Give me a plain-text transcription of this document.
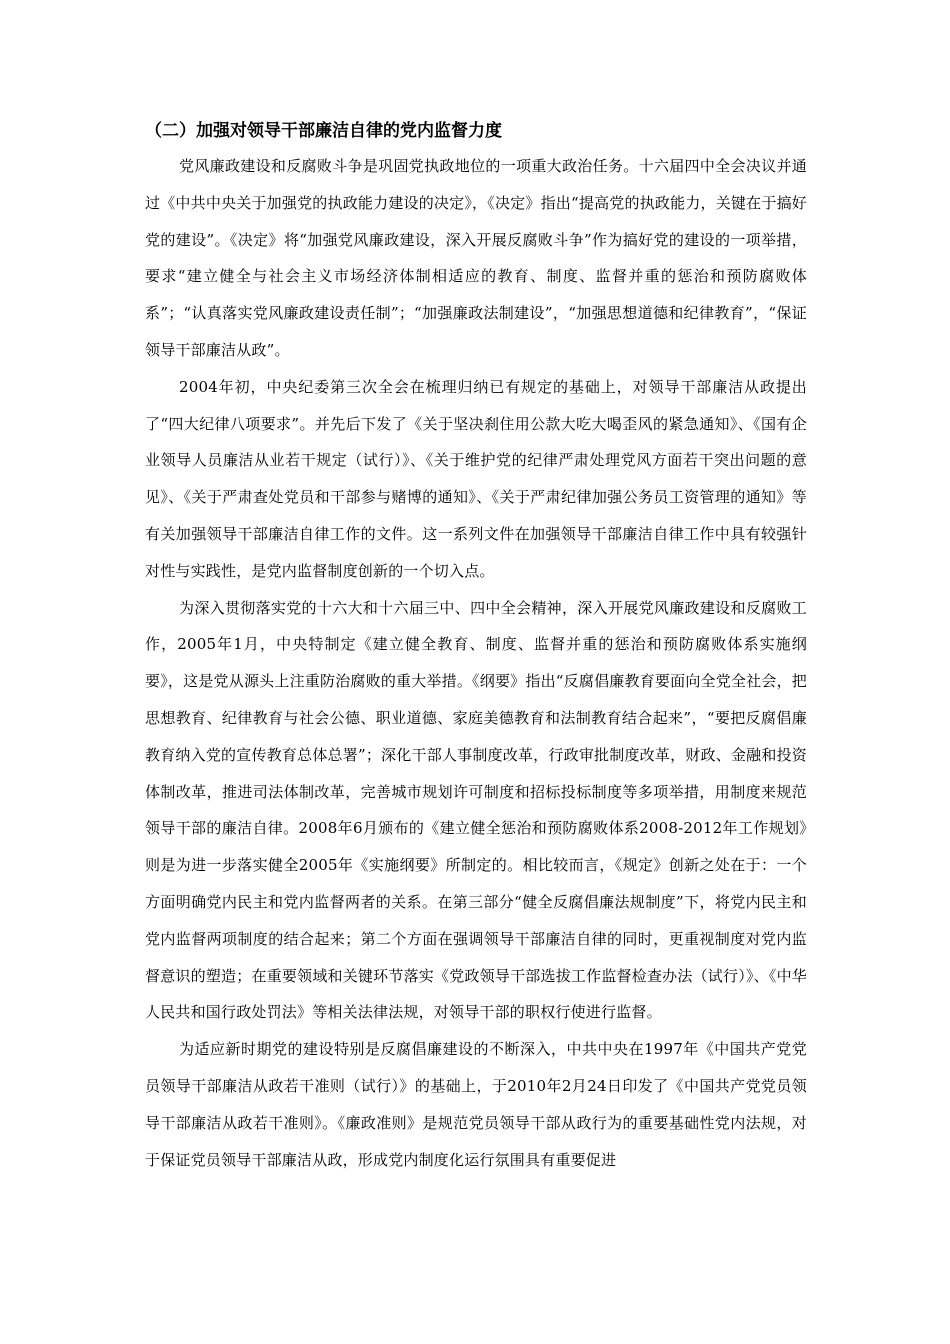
（二）加强对领导干部廉洁自律的党内监督力度

党风廉政建设和反腐败斗争是巩固党执政地位的一项重大政治任务。十六届四中全会决议并通过《中共中央关于加强党的执政能力建设的决定》，《决定》指出“提高党的执政能力，关键在于搞好党的建设”。《决定》将“加强党风廉政建设，深入开展反腐败斗争”作为搞好党的建设的一项举措，要求“建立健全与社会主义市场经济体制相适应的教育、制度、监督并重的惩治和预防腐败体系”；“认真落实党风廉政建设责任制”；“加强廉政法制建设”，“加强思想道德和纪律教育”，“保证领导干部廉洁从政”。

2004年初，中央纪委第三次全会在梳理归纳已有规定的基础上，对领导干部廉洁从政提出了“四大纪律八项要求”。并先后下发了《关于坚决刹住用公款大吃大喝歪风的紧急通知》、《国有企业领导人员廉洁从业若干规定（试行）》、《关于维护党的纪律严肃处理党风方面若干突出问题的意见》、《关于严肃查处党员和干部参与赌博的通知》、《关于严肃纪律加强公务员工资管理的通知》等有关加强领导干部廉洁自律工作的文件。这一系列文件在加强领导干部廉洁自律工作中具有较强针对性与实践性，是党内监督制度创新的一个切入点。

为深入贯彻落实党的十六大和十六届三中、四中全会精神，深入开展党风廉政建设和反腐败工作，2005年1月，中央特制定《建立健全教育、制度、监督并重的惩治和预防腐败体系实施纲要》，这是党从源头上注重防治腐败的重大举措。《纲要》指出“反腐倡廉教育要面向全党全社会，把思想教育、纪律教育与社会公德、职业道德、家庭美德教育和法制教育结合起来”，“要把反腐倡廉教育纳入党的宣传教育总体总署”；深化干部人事制度改革，行政审批制度改革，财政、金融和投资体制改革，推进司法体制改革，完善城市规划许可制度和招标投标制度等多项举措，用制度来规范领导干部的廉洁自律。2008年6月颁布的《建立健全惩治和预防腐败体系2008-2012年工作规划》则是为进一步落实健全2005年《实施纲要》所制定的。相比较而言，《规定》创新之处在于：一个方面明确党内民主和党内监督两者的关系。在第三部分“健全反腐倡廉法规制度”下，将党内民主和党内监督两项制度的结合起来；第二个方面在强调领导干部廉洁自律的同时，更重视制度对党内监督意识的塑造；在重要领域和关键环节落实《党政领导干部选拔工作监督检查办法（试行）》、《中华人民共和国行政处罚法》等相关法律法规，对领导干部的职权行使进行监督。

为适应新时期党的建设特别是反腐倡廉建设的不断深入，中共中央在1997年《中国共产党党员领导干部廉洁从政若干准则（试行）》的基础上，于2010年2月24日印发了《中国共产党党员领导干部廉洁从政若干准则》。《廉政准则》是规范党员领导干部从政行为的重要基础性党内法规，对于保证党员领导干部廉洁从政，形成党内制度化运行氛围具有重要促进
